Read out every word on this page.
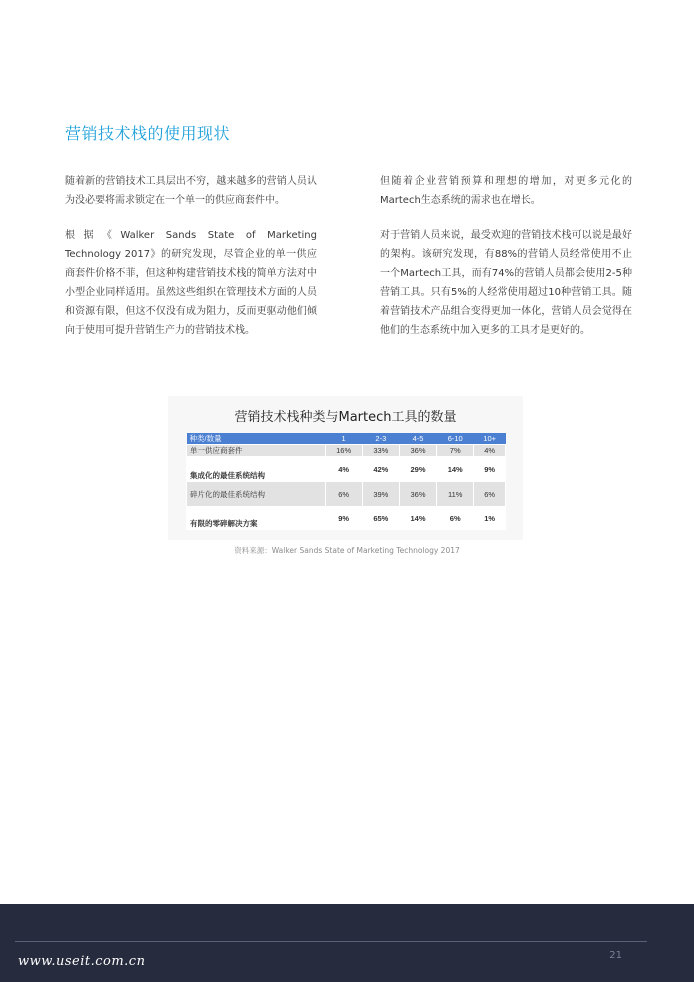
营销技术栈的使用现状

随着新的营销技术工具层出不穷，越来越多的营销人员认为没必要将需求锁定在一个单一的供应商套件中。

根据《Walker Sands State of Marketing Technology 2017》的研究发现，尽管企业的单一供应商套件价格不菲，但这种构建营销技术栈的简单方法对中小型企业同样适用。虽然这些组织在管理技术方面的人员和资源有限，但这不仅没有成为阻力，反而更驱动他们倾向于使用可提升营销生产力的营销技术栈。

但随着企业营销预算和理想的增加，对更多元化的Martech生态系统的需求也在增长。

对于营销人员来说，最受欢迎的营销技术栈可以说是最好的架构。该研究发现，有88%的营销人员经常使用不止一个Martech工具，而有74%的营销人员都会使用2-5种营销工具。只有5%的人经常使用超过10种营销工具。随着营销技术产品组合变得更加一体化，营销人员会觉得在他们的生态系统中加入更多的工具才是更好的。

营销技术栈种类与Martech工具的数量
种类/数量	1	2-3	4-5	6-10	10+
单一供应商套件	16%	33%	36%	7%	4%
集成化的最佳系统结构	4%	42%	29%	14%	9%
碎片化的最佳系统结构	6%	39%	36%	11%	6%
有限的零碎解决方案	9%	65%	14%	6%	1%
资料来源：Walker Sands State of Marketing Technology 2017
21
www.useit.com.cn
